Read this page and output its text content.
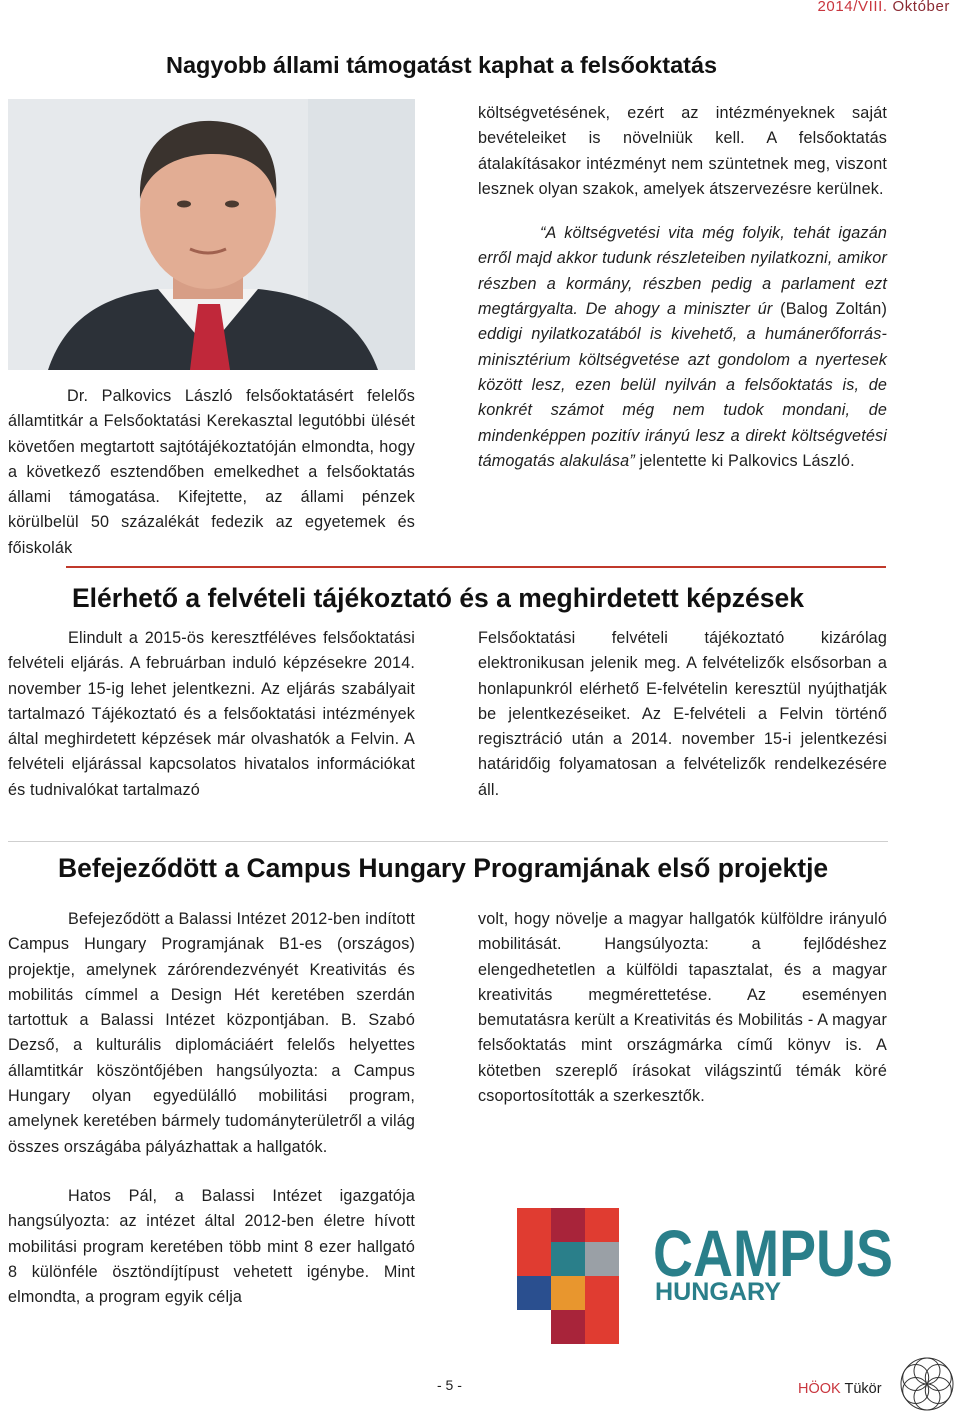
2014/VIII. Október
Nagyobb állami támogatást kaphat a felsőoktatás

Dr. Palkovics László felsőoktatásért felelős államtitkár a Felsőoktatási Kerekasztal legutóbbi ülését követően megtartott sajtótájékoztatóján elmondta, hogy a következő esztendőben emelkedhet a felsőoktatás állami támogatása. Kifejtette, az állami pénzek körülbelül 50 százalékát fedezik az egyetemek és főiskolák

költségvetésének, ezért az intézményeknek saját bevételeiket is növelniük kell. A felsőoktatás átalakításakor intézményt nem szüntetnek meg, viszont lesznek olyan szakok, amelyek átszervezésre kerülnek.

“A költségvetési vita még folyik, tehát igazán erről majd akkor tudunk részleteiben nyilatkozni, amikor részben a kormány, részben pedig a parlament ezt megtárgyalta. De ahogy a miniszter úr (Balog Zoltán) eddigi nyilatkozatából is kivehető, a humánerőforrás-minisztérium költségvetése azt gondolom a nyertesek között lesz, ezen belül nyilván a felsőoktatás is, de konkrét számot még nem tudok mondani, de mindenképpen pozitív irányú lesz a direkt költségvetési támogatás alakulása” jelentette ki Palkovics László.

Elérhető a felvételi tájékoztató és a meghirdetett képzések

Elindult a 2015-ös keresztféléves felsőoktatási felvételi eljárás. A februárban induló képzésekre 2014. november 15-ig lehet jelentkezni. Az eljárás szabályait tartalmazó Tájékoztató és a felsőoktatási intézmények által meghirdetett képzések már olvashatók a Felvin. A felvételi eljárással kapcsolatos hivatalos információkat és tudnivalókat tartalmazó

Felsőoktatási felvételi tájékoztató kizárólag elektronikusan jelenik meg. A felvételizők elsősorban a honlapunkról elérhető E-felvételin keresztül nyújthatják be jelentkezéseiket. Az E-felvételi a Felvin történő regisztráció után a 2014. november 15-i jelentkezési határidőig folyamatosan a felvételizők rendelkezésére áll.

Befejeződött a Campus Hungary Programjának első projektje

Befejeződött a Balassi Intézet 2012-ben indított Campus Hungary Programjának B1-es (országos) projektje, amelynek zárórendezvényét Kreativitás és mobilitás címmel a Design Hét keretében szerdán tartottuk a Balassi Intézet központjában. B. Szabó Dezső, a kulturális diplomáciáért felelős helyettes államtitkár köszöntőjében hangsúlyozta: a Campus Hungary olyan egyedülálló mobilitási program, amelynek keretében bármely tudományterületről a világ összes országába pályázhattak a hallgatók.

Hatos Pál, a Balassi Intézet igazgatója hangsúlyozta: az intézet által 2012-ben életre hívott mobilitási program keretében több mint 8 ezer hallgató 8 különféle ösztöndíjtípust vehetett igénybe. Mint elmondta, a program egyik célja

volt, hogy növelje a magyar hallgatók külföldre irányuló mobilitását. Hangsúlyozta: a fejlődéshez elengedhetetlen a külföldi tapasztalat, és a magyar kreativitás megmérettetése. Az eseményen bemutatásra került a Kreativitás és Mobilitás - A magyar felsőoktatás mint országmárka című könyv is. A kötetben szereplő írásokat világszintű témák köré csoportosították a szerkesztők.

CAMPUS
HUNGARY
- 5 -	HÖOK Tükör
